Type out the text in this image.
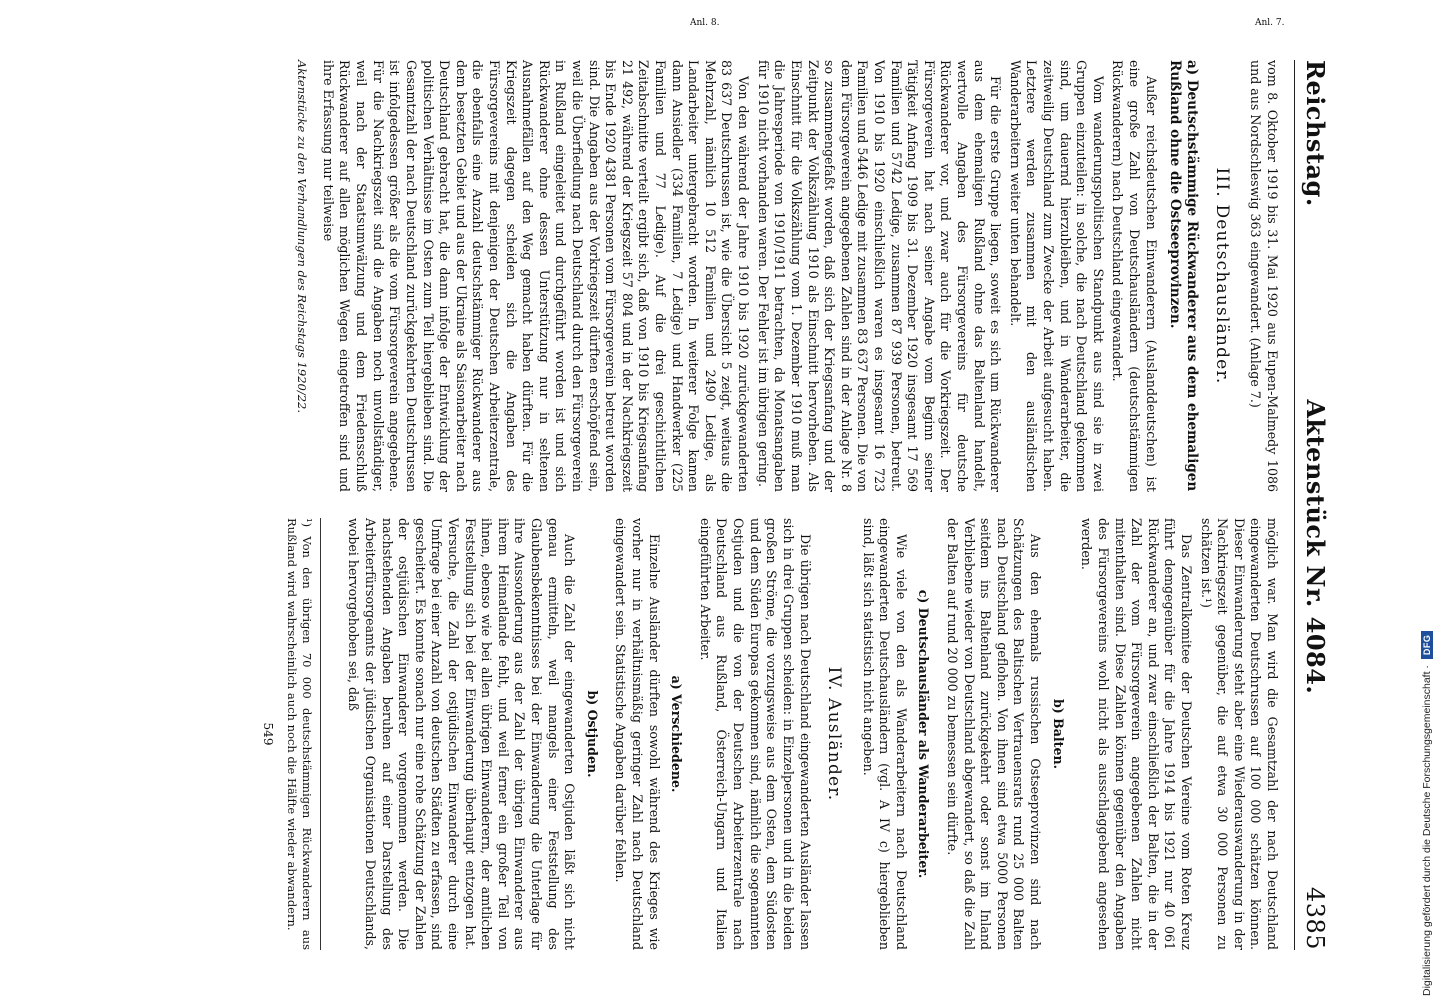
Reichstag.
Aktenstück Nr. 4084.
4385
Anl. 7.
Anl. 8.

vom 8. Oktober 1919 bis 31. Mai 1920 aus Eupen-Malmedy 1086 und aus Nordschleswig 363 eingewandert. (Anlage 7.)

III. Deutschausländer.
a) Deutschstämmige Rückwanderer aus dem ehemaligen Rußland ohne die Ostseeprovinzen.

Außer reichsdeutschen Einwanderern (Auslanddeutschen) ist eine große Zahl von Deutschausländern (deutschstämmigen Rückwanderern) nach Deutschland eingewandert.

Vom wanderungspolitischen Standpunkt aus sind sie in zwei Gruppen einzuteilen: in solche, die nach Deutschland gekommen sind, um dauernd hierzubleiben, und in Wanderarbeiter, die zeitweilig Deutschland zum Zwecke der Arbeit aufgesucht haben. Letztere werden zusammen mit den ausländischen Wanderarbeitern weiter unten behandelt.

Für die erste Gruppe liegen, soweit es sich um Rückwanderer aus dem ehemaligen Rußland ohne das Baltenland handelt, wertvolle Angaben des Fürsorgevereins für deutsche Rückwanderer vor, und zwar auch für die Vorkriegszeit. Der Fürsorgeverein hat nach seiner Angabe vom Beginn seiner Tätigkeit Anfang 1909 bis 31. Dezember 1920 insgesamt 17 569 Familien und 5742 Ledige, zusammen 87 939 Personen, betreut. Von 1910 bis 1920 einschließlich waren es insgesamt 16 723 Familien und 5446 Ledige mit zusammen 83 637 Personen. Die von dem Fürsorgeverein angegebenen Zahlen sind in der Anlage Nr. 8 so zusammengefaßt worden, daß sich der Kriegsanfang und der Zeitpunkt der Volkszählung 1910 als Einschnitt hervorheben. Als Einschnitt für die Volkszählung vom 1. Dezember 1910 muß man die Jahresperiode von 1910/1911 betrachten, da Monatsangaben für 1910 nicht vorhanden waren. Der Fehler ist im übrigen gering.

Von den während der Jahre 1910 bis 1920 zurückgewanderten 83 637 Deutschrussen ist, wie die Übersicht 5 zeigt, weitaus die Mehrzahl, nämlich 10 512 Familien und 2490 Ledige, als Landarbeiter untergebracht worden. In weiterer Folge kamen dann Ansiedler (334 Familien, 7 Ledige) und Handwerker (225 Familien und 77 Ledige). Auf die drei geschichtlichen Zeitabschnitte verteilt ergibt sich, daß von 1910 bis Kriegsanfang 21 492, während der Kriegszeit 57 804 und in der Nachkriegszeit bis Ende 1920 4381 Personen vom Fürsorgeverein betreut worden sind. Die Angaben aus der Vorkriegszeit dürften erschöpfend sein, weil die Überfiedlung nach Deutschland durch den Fürsorgeverein in Rußland eingeleitet und durchgeführt worden ist und sich Rückwanderer ohne dessen Unterstützung nur in seltenen Ausnahmefällen auf den Weg gemacht haben dürften. Für die Kriegszeit dagegen scheiden sich die Angaben des Fürsorgevereins mit denjenigen der Deutschen Arbeiterzentrale, die ebenfalls eine Anzahl deutschstämmiger Rückwanderer aus dem besetzten Gebiet und aus der Ukraine als Saisonarbeiter nach Deutschland gebracht hat, die dann infolge der Entwicklung der politischen Verhältnisse im Osten zum Teil hiergeblieben sind. Die Gesamtzahl der nach Deutschland zurückgekehrten Deutschrussen ist infolgedessen größer als die vom Fürsorgeverein angegebene. Für die Nachkriegszeit sind die Angaben noch unvollständiger, weil nach der Staatsumwälzung und dem Friedensschluß Rückwanderer auf allen möglichen Wegen eingetroffen sind und ihre Erfassung nur teilweise

Aktenstücke zu den Verhandlungen des Reichstags 1920/22.

möglich war. Man wird die Gesamtzahl der nach Deutschland eingewanderten Deutschrussen auf 100 000 schätzen können. Dieser Einwanderung steht aber eine Wiederauswanderung in der Nachkriegszeit gegenüber, die auf etwa 30 000 Personen zu schätzen ist.¹)

Das Zentralkomitee der Deutschen Vereine vom Roten Kreuz führt demgegenüber für die Jahre 1914 bis 1921 nur 40 061 Rückwanderer an, und zwar einschließlich der Balten, die in der Zahl der vom Fürsorgeverein angegebenen Zahlen nicht mitenthalten sind. Diese Zahlen können gegenüber den Angaben des Fürsorgevereins wohl nicht als ausschlaggebend angesehen werden.

b) Balten.

Aus den ehemals russischen Ostseeprovinzen sind nach Schätzungen des Baltischen Vertrauensrats rund 25 000 Balten nach Deutschland geflohen. Von ihnen sind etwa 5000 Personen seitdem ins Baltenland zurückgekehrt oder sonst im Inland Verbliebene wieder von Deutschland abgewandert, so daß die Zahl der Balten auf rund 20 000 zu bemessen sein dürfte.

c) Deutschausländer als Wanderarbeiter.

Wie viele von den als Wanderarbeitern nach Deutschland eingewanderten Deutschausländern (vgl. A IV c) hiergeblieben sind, läßt sich statistisch nicht angeben.

IV. Ausländer.

Die übrigen nach Deutschland eingewanderten Ausländer lassen sich in drei Gruppen scheiden: in Einzelpersonen und in die beiden großen Ströme, die vorzugsweise aus dem Osten, dem Südosten und dem Süden Europas gekommen sind, nämlich die sogenannten Ostjuden und die von der Deutschen Arbeiterzentrale nach Deutschland aus Rußland, Österreich-Ungarn und Italien eingeführten Arbeiter.

a) Verschiedene.

Einzelne Ausländer dürften sowohl während des Krieges wie vorher nur in verhältnismäßig geringer Zahl nach Deutschland eingewandert sein. Statistische Angaben darüber fehlen.

b) Ostjuden.

Auch die Zahl der eingewanderten Ostjuden läßt sich nicht genau ermitteln, weil mangels einer Feststellung des Glaubensbekenntnisses bei der Einwanderung die Unterlage für ihre Aussonderung aus der Zahl der übrigen Einwanderer aus ihrem Heimatlande fehlt, und weil ferner ein großer Teil von ihnen, ebenso wie bei allen übrigen Einwanderern, der amtlichen Feststellung sich bei der Einwanderung überhaupt entzogen hat. Versuche, die Zahl der ostjüdischen Einwanderer durch eine Umfrage bei einer Anzahl von deutschen Städten zu erfassen, sind gescheitert. Es konnte sonach nur eine rohe Schätzung der Zahlen der ostjüdischen Einwanderer vorgenommen werden. Die nachstehenden Angaben beruhen auf einer Darstellung des Arbeiterfürsorgeamts der jüdischen Organisationen Deutschlands, wobei hervorgehoben sei, daß

¹) Von den übrigen 70 000 deutschstämmigen Rückwanderern aus Rußland wird wahrscheinlich auch noch die Hälfte wieder abwandern.
549	Digitalisierung gefördert durch die Deutsche Forschungsgemeinschaft ·
DFG
